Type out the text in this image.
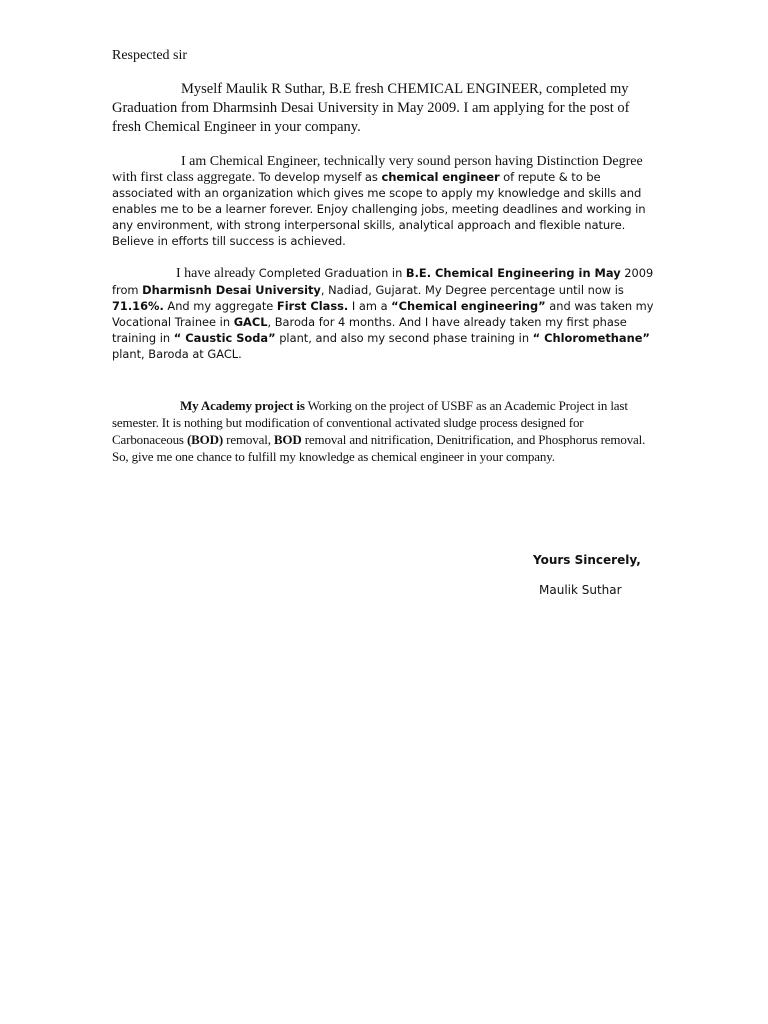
Respected sir

Myself Maulik R Suthar, B.E fresh CHEMICAL ENGINEER, completed my Graduation from Dharmsinh Desai University in May 2009. I am applying for the post of fresh Chemical Engineer in your company.

I am Chemical Engineer, technically very sound person having Distinction Degree with first class aggregate. To develop myself as chemical engineer of repute & to be associated with an organization which gives me scope to apply my knowledge and skills and enables me to be a learner forever. Enjoy challenging jobs, meeting deadlines and working in any environment, with strong interpersonal skills, analytical approach and flexible nature. Believe in efforts till success is achieved.

I have already Completed Graduation in B.E. Chemical Engineering in May 2009 from Dharmisnh Desai University, Nadiad, Gujarat. My Degree percentage until now is 71.16%. And my aggregate First Class. I am a “Chemical engineering” and was taken my Vocational Trainee in GACL, Baroda for 4 months. And I have already taken my first phase training in “ Caustic Soda” plant, and also my second phase training in “ Chloromethane” plant, Baroda at GACL.

My Academy project is Working on the project of USBF as an Academic Project in last semester. It is nothing but modification of conventional activated sludge process designed for Carbonaceous (BOD) removal, BOD removal and nitrification, Denitrification, and Phosphorus removal. So, give me one chance to fulfill my knowledge as chemical engineer in your company.

Yours Sincerely,

Maulik Suthar
